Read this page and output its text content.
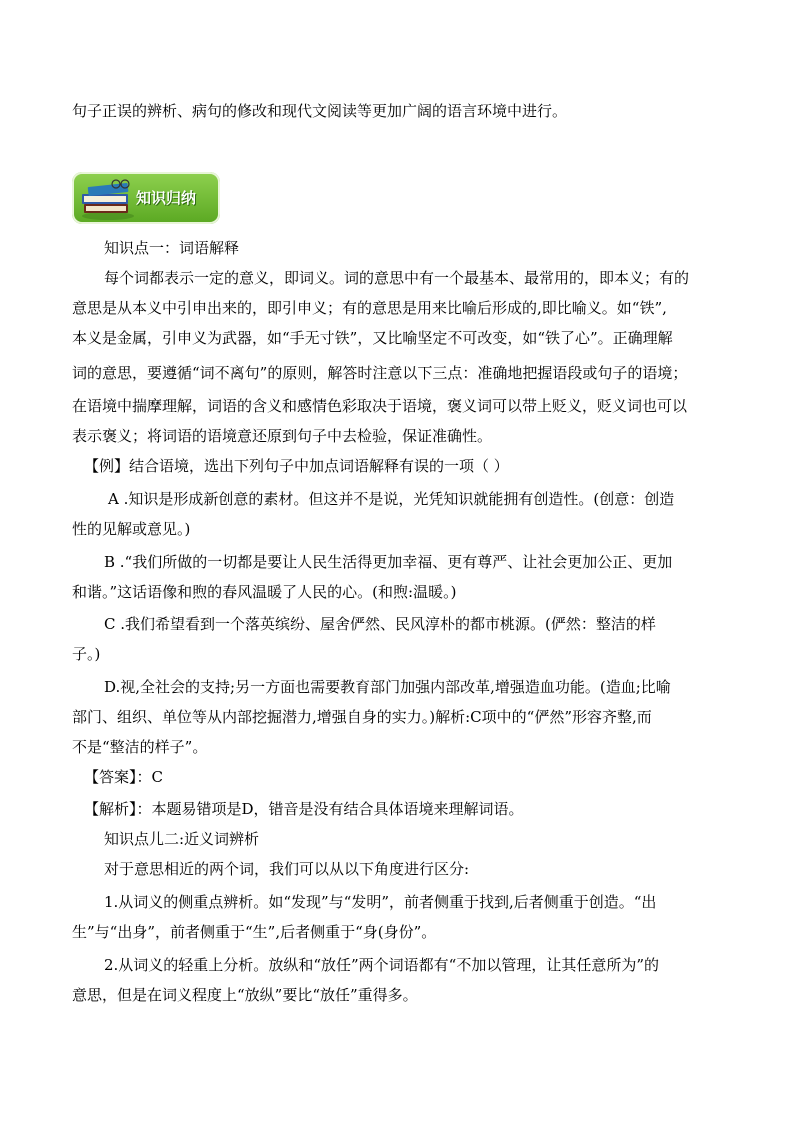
句子正误的辨析、病句的修改和现代文阅读等更加广阔的语言环境中进行。
知识归纳
知识点一：词语解释
每个词都表示一定的意义，即词义。词的意思中有一个最基本、最常用的，即本义；有的
意思是从本义中引申出来的，即引申义；有的意思是用来比喻后形成的,即比喻义。如“铁”,
本义是金属，引申义为武器，如“手无寸铁”，又比喻坚定不可改变，如“铁了心”。正确理解
词的意思，要遵循“词不离句”的原则，解答时注意以下三点：准确地把握语段或句子的语境；
在语境中揣摩理解，词语的含义和感情色彩取决于语境，褒义词可以带上贬义，贬义词也可以
表示褒义；将词语的语境意还原到句子中去检验，保证准确性。
【例】结合语境，选出下列句子中加点词语解释有误的一项（ ）
A .知识是形成新创意的素材。但这并不是说，光凭知识就能拥有创造性。(创意：创造
性的见解或意见。)
B .“我们所做的一切都是要让人民生活得更加幸福、更有尊严、让社会更加公正、更加
和谐。”这话语像和煦的春风温暖了人民的心。(和煦:温暖。)
C .我们希望看到一个落英缤纷、屋舍俨然、民风淳朴的都市桃源。(俨然：整洁的样
子。)
D.视,全社会的支持;另一方面也需要教育部门加强内部改革,增强造血功能。(造血;比喻
部门、组织、单位等从内部挖掘潜力,增强自身的实力。)解析:C项中的“俨然”形容齐整,而
不是“整洁的样子”。
【答案】：C
【解析】：本题易错项是D，错音是没有结合具体语境来理解词语。
知识点儿二:近义词辨析
对于意思相近的两个词，我们可以从以下角度进行区分:
1.从词义的侧重点辨析。如“发现”与“发明”，前者侧重于找到,后者侧重于创造。“出
生”与“出身”，前者侧重于“生”,后者侧重于“身(身份”。
2.从词义的轻重上分析。放纵和“放任”两个词语都有“不加以管理，让其任意所为”的
意思，但是在词义程度上“放纵”要比“放任”重得多。
